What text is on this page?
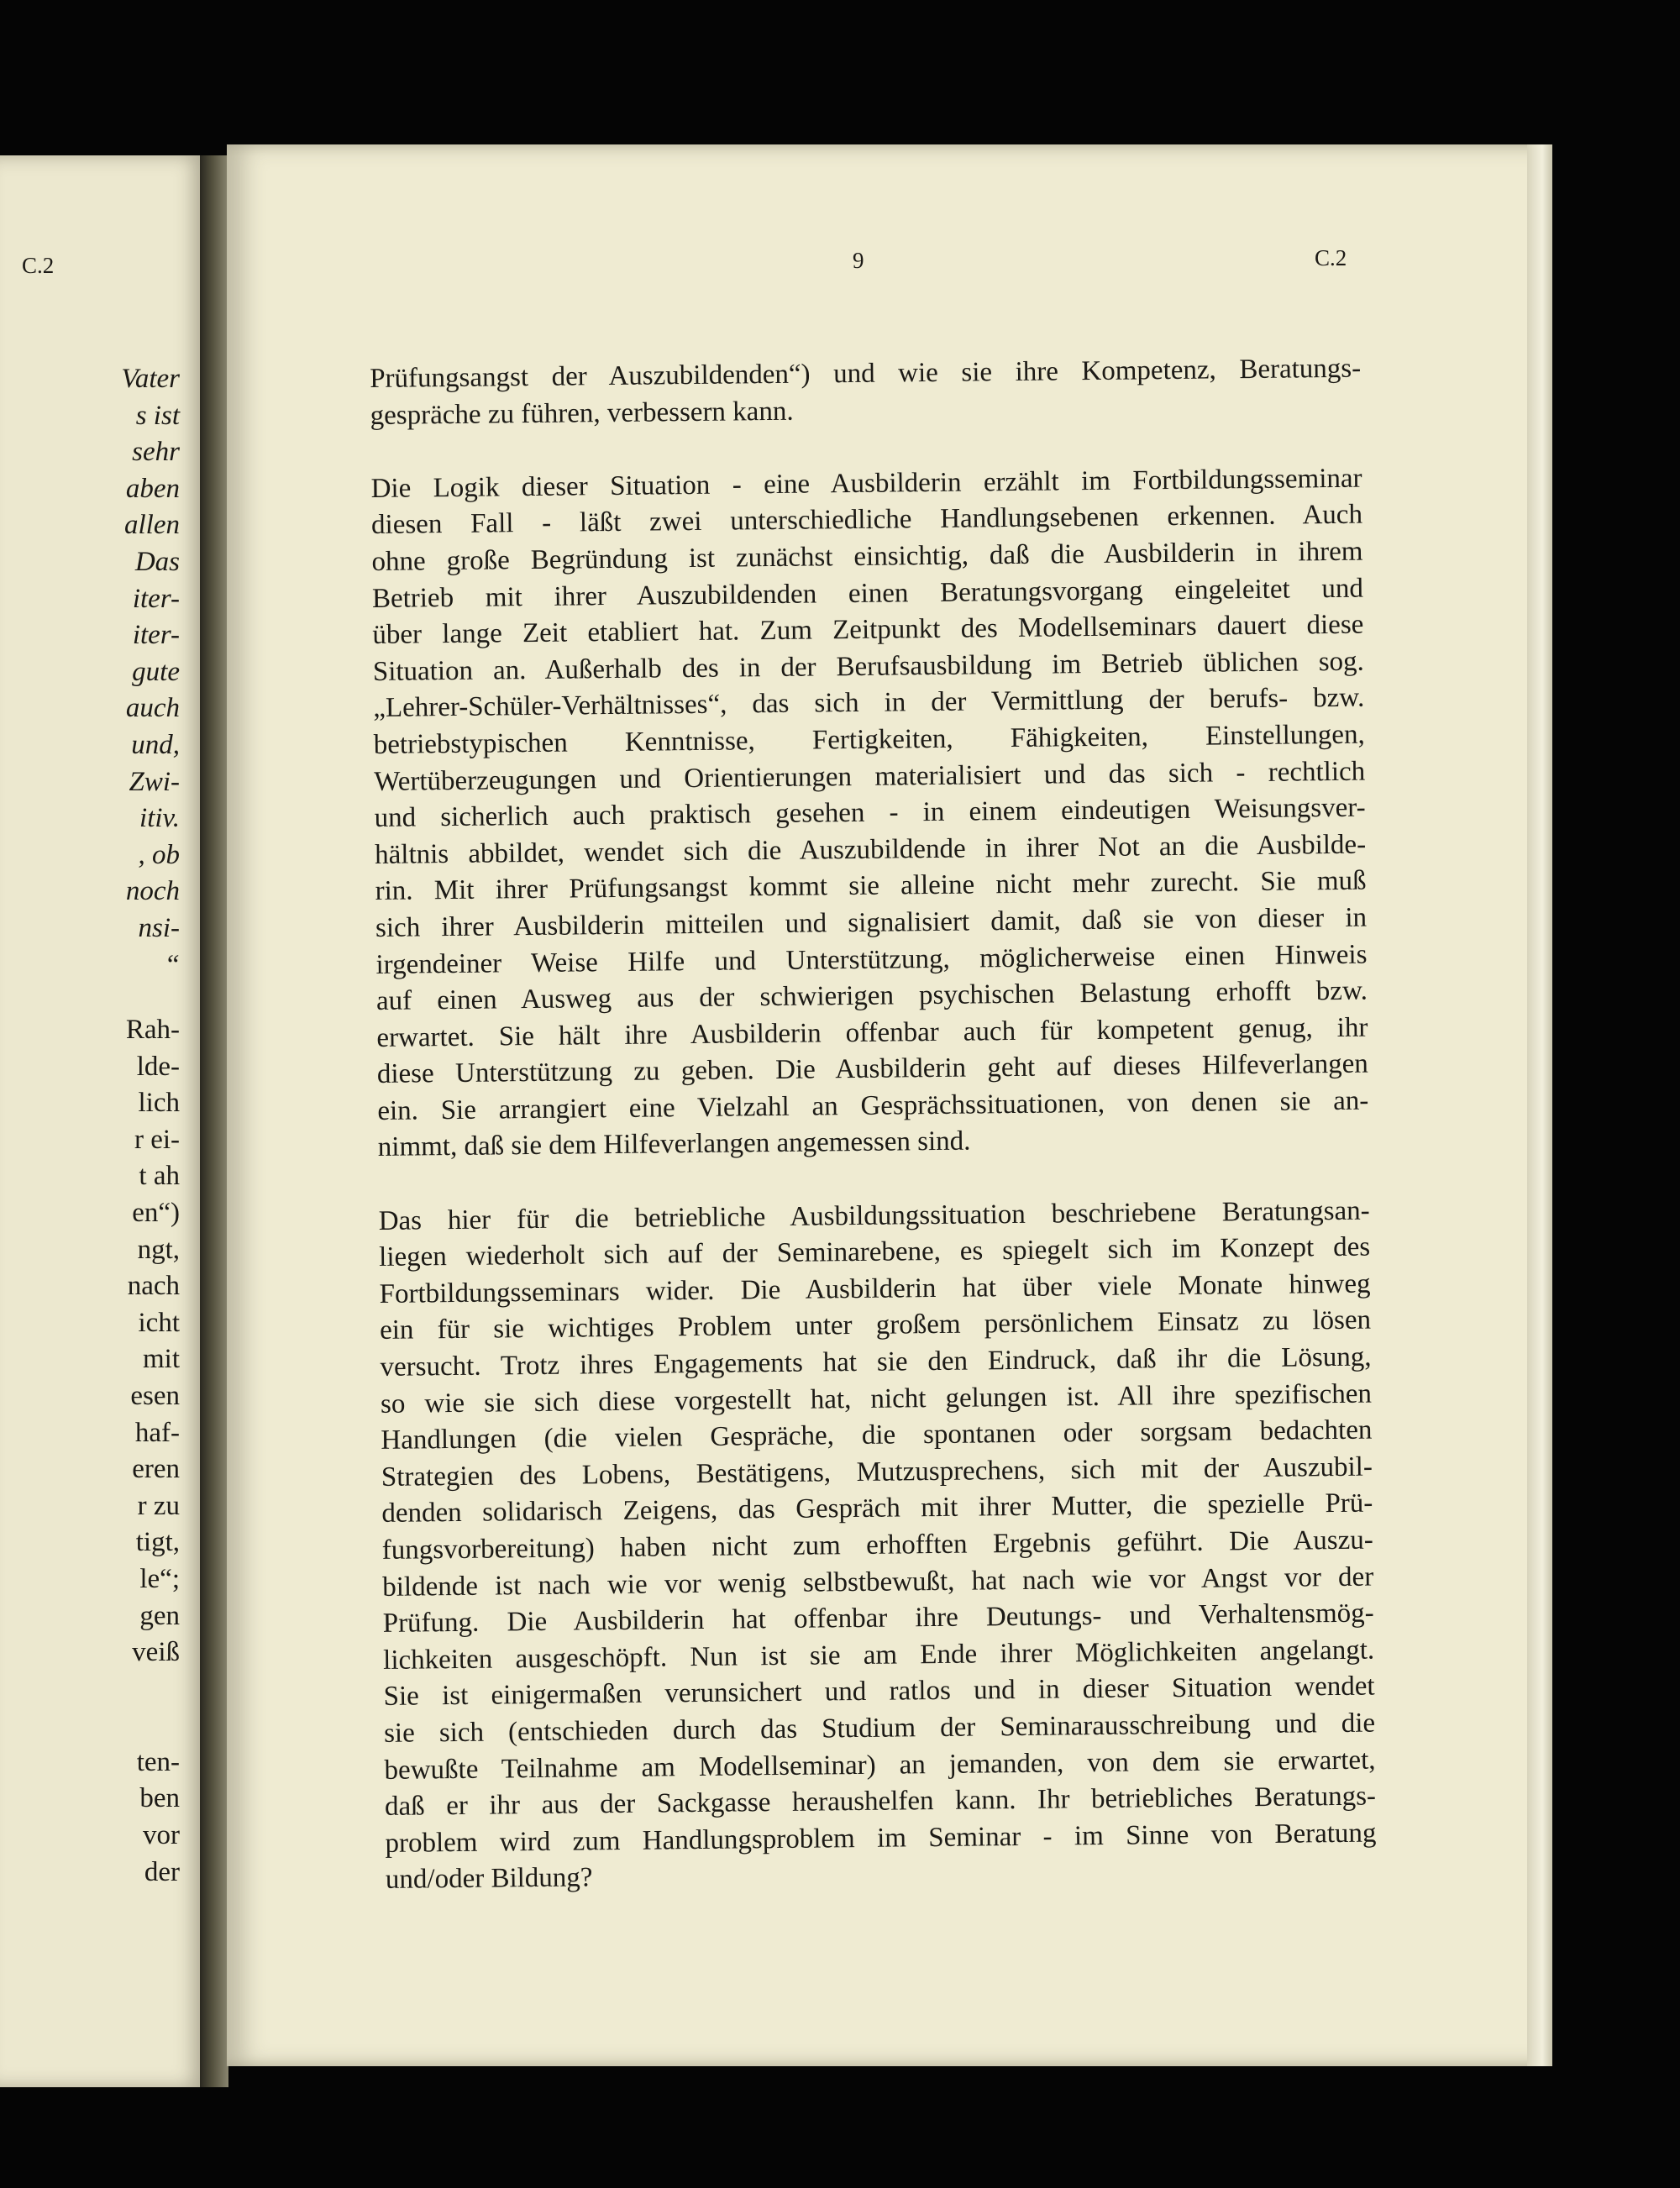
C.2
Vater
s ist
sehr
aben
allen
Das
iter-
iter-
gute
auch
und,
Zwi-
itiv.
, ob
noch
nsi-
“
Rah-
lde-
lich
r ei-
t ah
en“)
ngt,
nach
icht
mit
esen
haf-
eren
r zu
tigt,
le“;
gen
veiß
ten-
ben
vor
der
9	C.2

Prüfungsangst der Auszubildenden“) und wie sie ihre Kompetenz, Beratungs-
gespräche zu führen, verbessern kann.

Die Logik dieser Situation - eine Ausbilderin erzählt im Fortbildungsseminar
diesen Fall - läßt zwei unterschiedliche Handlungsebenen erkennen. Auch
ohne große Begründung ist zunächst einsichtig, daß die Ausbilderin in ihrem
Betrieb mit ihrer Auszubildenden einen Beratungsvorgang eingeleitet und
über lange Zeit etabliert hat. Zum Zeitpunkt des Modellseminars dauert diese
Situation an. Außerhalb des in der Berufsausbildung im Betrieb üblichen sog.
„Lehrer-Schüler-Verhältnisses“, das sich in der Vermittlung der berufs- bzw.
betriebstypischen Kenntnisse, Fertigkeiten, Fähigkeiten, Einstellungen,
Wertüberzeugungen und Orientierungen materialisiert und das sich - rechtlich
und sicherlich auch praktisch gesehen - in einem eindeutigen Weisungsver-
hältnis abbildet, wendet sich die Auszubildende in ihrer Not an die Ausbilde-
rin. Mit ihrer Prüfungsangst kommt sie alleine nicht mehr zurecht. Sie muß
sich ihrer Ausbilderin mitteilen und signalisiert damit, daß sie von dieser in
irgendeiner Weise Hilfe und Unterstützung, möglicherweise einen Hinweis
auf einen Ausweg aus der schwierigen psychischen Belastung erhofft bzw.
erwartet. Sie hält ihre Ausbilderin offenbar auch für kompetent genug, ihr
diese Unterstützung zu geben. Die Ausbilderin geht auf dieses Hilfeverlangen
ein. Sie arrangiert eine Vielzahl an Gesprächssituationen, von denen sie an-
nimmt, daß sie dem Hilfeverlangen angemessen sind.

Das hier für die betriebliche Ausbildungssituation beschriebene Beratungsan-
liegen wiederholt sich auf der Seminarebene, es spiegelt sich im Konzept des
Fortbildungsseminars wider. Die Ausbilderin hat über viele Monate hinweg
ein für sie wichtiges Problem unter großem persönlichem Einsatz zu lösen
versucht. Trotz ihres Engagements hat sie den Eindruck, daß ihr die Lösung,
so wie sie sich diese vorgestellt hat, nicht gelungen ist. All ihre spezifischen
Handlungen (die vielen Gespräche, die spontanen oder sorgsam bedachten
Strategien des Lobens, Bestätigens, Mutzusprechens, sich mit der Auszubil-
denden solidarisch Zeigens, das Gespräch mit ihrer Mutter, die spezielle Prü-
fungsvorbereitung) haben nicht zum erhofften Ergebnis geführt. Die Auszu-
bildende ist nach wie vor wenig selbstbewußt, hat nach wie vor Angst vor der
Prüfung. Die Ausbilderin hat offenbar ihre Deutungs- und Verhaltensmög-
lichkeiten ausgeschöpft. Nun ist sie am Ende ihrer Möglichkeiten angelangt.
Sie ist einigermaßen verunsichert und ratlos und in dieser Situation wendet
sie sich (entschieden durch das Studium der Seminarausschreibung und die
bewußte Teilnahme am Modellseminar) an jemanden, von dem sie erwartet,
daß er ihr aus der Sackgasse heraushelfen kann. Ihr betriebliches Beratungs-
problem wird zum Handlungsproblem im Seminar - im Sinne von Beratung
und/oder Bildung?
